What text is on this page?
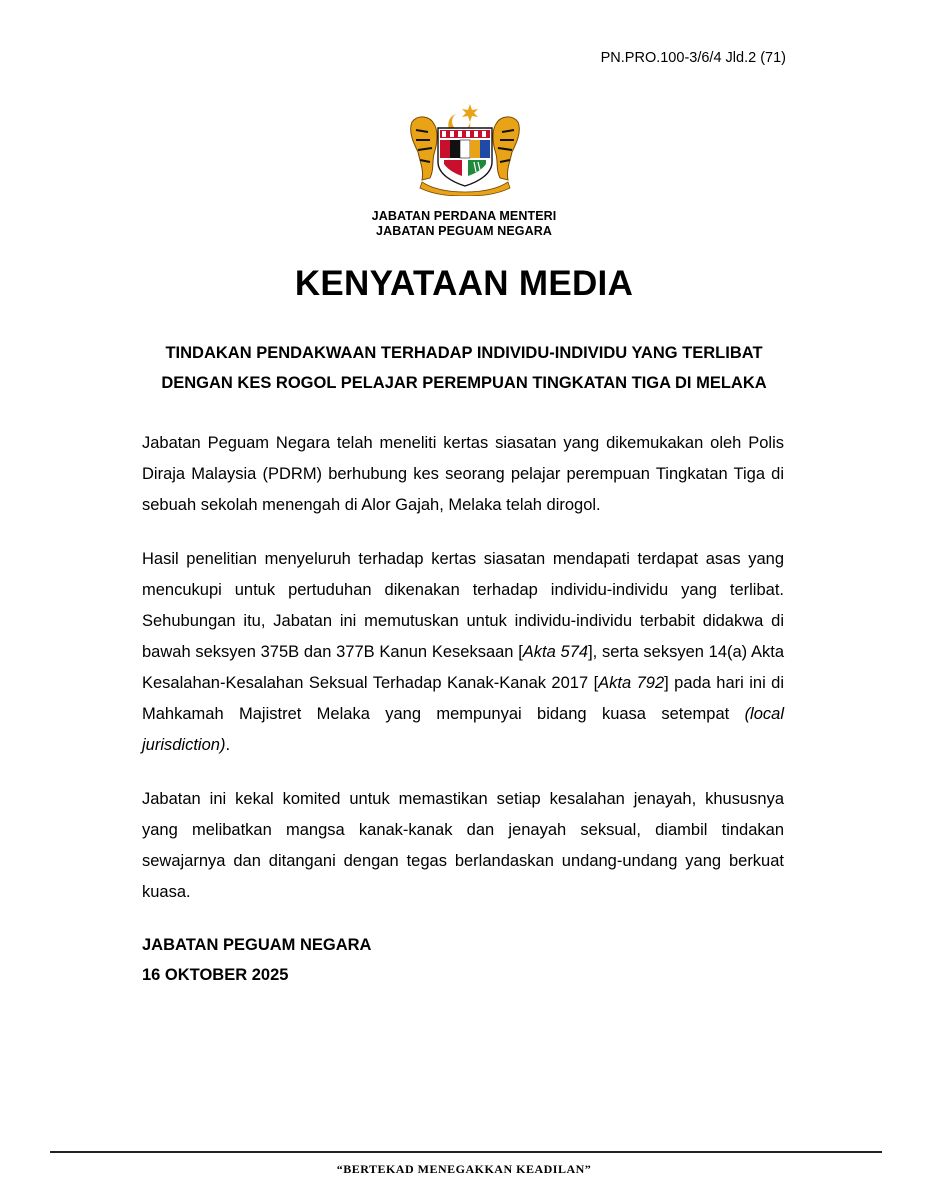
PN.PRO.100-3/6/4 Jld.2 (71)
JABATAN PERDANA MENTERI
JABATAN PEGUAM NEGARA
KENYATAAN MEDIA
TINDAKAN PENDAKWAAN TERHADAP INDIVIDU-INDIVIDU YANG TERLIBAT
DENGAN KES ROGOL PELAJAR PEREMPUAN TINGKATAN TIGA DI MELAKA
Jabatan Peguam Negara telah meneliti kertas siasatan yang dikemukakan oleh Polis Diraja Malaysia (PDRM) berhubung kes seorang pelajar perempuan Tingkatan Tiga di sebuah sekolah menengah di Alor Gajah, Melaka telah dirogol.
Hasil penelitian menyeluruh terhadap kertas siasatan mendapati terdapat asas yang mencukupi untuk pertuduhan dikenakan terhadap individu-individu yang terlibat. Sehubungan itu, Jabatan ini memutuskan untuk individu-individu terbabit didakwa di bawah seksyen 375B dan 377B Kanun Keseksaan [Akta 574], serta seksyen 14(a) Akta Kesalahan-Kesalahan Seksual Terhadap Kanak-Kanak 2017 [Akta 792] pada hari ini di Mahkamah Majistret Melaka yang mempunyai bidang kuasa setempat (local jurisdiction).
Jabatan ini kekal komited untuk memastikan setiap kesalahan jenayah, khususnya yang melibatkan mangsa kanak-kanak dan jenayah seksual, diambil tindakan sewajarnya dan ditangani dengan tegas berlandaskan undang-undang yang berkuat kuasa.
JABATAN PEGUAM NEGARA
16 OKTOBER 2025
“BERTEKAD MENEGAKKAN KEADILAN”
